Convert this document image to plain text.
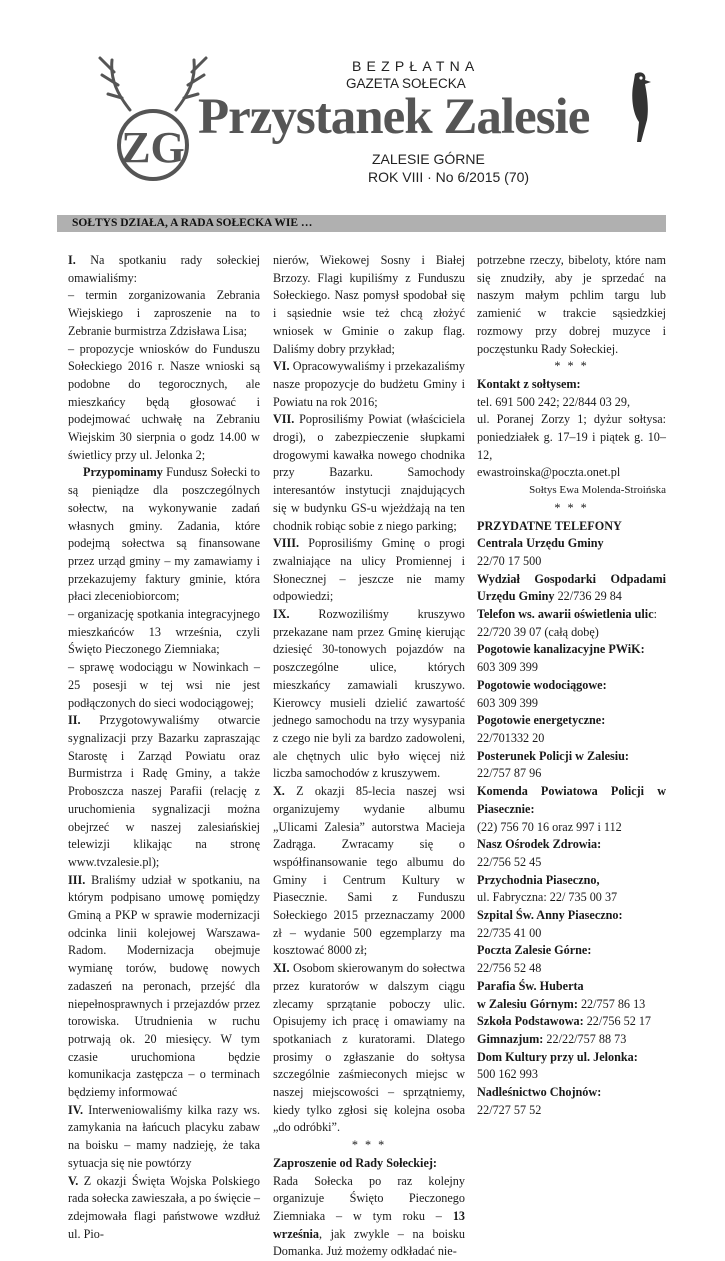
ZG
BEZPŁATNA
GAZETA SOŁECKA
Przystanek Zalesie
ZALESIE GÓRNE
ROK VIII · No 6/2015 (70)
SOŁTYS DZIAŁA, A RADA SOŁECKA WIE …

I. Na spotkaniu rady sołeckiej omawialiśmy:

– termin zorganizowania Zebrania Wiejskiego i zaproszenie na to Zebranie burmistrza Zdzisława Lisa;

– propozycje wniosków do Funduszu Sołeckiego 2016 r. Nasze wnioski są podobne do tegorocznych, ale mieszkańcy będą głosować i podejmować uchwałę na Zebraniu Wiejskim 30 sierpnia o godz 14.00 w świetlicy przy ul. Jelonka 2;

Przypominamy Fundusz Sołecki to są pieniądze dla poszczególnych sołectw, na wykonywanie zadań własnych gminy. Zadania, które podejmą sołectwa są finansowane przez urząd gminy – my zamawiamy i przekazujemy faktury gminie, która płaci zleceniobiorcom;

– organizację spotkania integracyjnego mieszkańców 13 września, czyli Święto Pieczonego Ziemniaka;

– sprawę wodociągu w Nowinkach – 25 posesji w tej wsi nie jest podłączonych do sieci wodociągowej;

II. Przygotowywaliśmy otwarcie sygnalizacji przy Bazarku zapraszając Starostę i Zarząd Powiatu oraz Burmistrza i Radę Gminy, a także Proboszcza naszej Parafii (relację z uruchomienia sygnalizacji można obejrzeć w naszej zalesiańskiej telewizji klikając na stronę www.tvzalesie.pl);

III. Braliśmy udział w spotkaniu, na którym podpisano umowę pomiędzy Gminą a PKP w sprawie modernizacji odcinka linii kolejowej Warszawa-Radom. Modernizacja obejmuje wymianę torów, budowę nowych zadaszeń na peronach, przejść dla niepełnosprawnych i przejazdów przez torowiska. Utrudnienia w ruchu potrwają ok. 20 miesięcy. W tym czasie uruchomiona będzie komunikacja zastępcza – o terminach będziemy informować

IV. Interweniowaliśmy kilka razy ws. zamykania na łańcuch placyku zabaw na boisku – mamy nadzieję, że taka sytuacja się nie powtórzy

V. Z okazji Święta Wojska Polskiego rada sołecka zawieszała, a po święcie – zdejmowała flagi państwowe wzdłuż ul. Pio-

nierów, Wiekowej Sosny i Białej Brzozy. Flagi kupiliśmy z Funduszu Sołeckiego. Nasz pomysł spodobał się i sąsiednie wsie też chcą złożyć wniosek w Gminie o zakup flag. Daliśmy dobry przykład;

VI. Opracowywaliśmy i przekazaliśmy nasze propozycje do budżetu Gminy i Powiatu na rok 2016;

VII. Poprosiliśmy Powiat (właściciela drogi), o zabezpieczenie słupkami drogowymi kawałka nowego chodnika przy Bazarku. Samochody interesantów instytucji znajdujących się w budynku GS-u wjeżdżają na ten chodnik robiąc sobie z niego parking;

VIII. Poprosiliśmy Gminę o progi zwalniające na ulicy Promiennej i Słonecznej – jeszcze nie mamy odpowiedzi;

IX. Rozwoziliśmy kruszywo przekazane nam przez Gminę kierując dziesięć 30-tonowych pojazdów na poszczególne ulice, których mieszkańcy zamawiali kruszywo. Kierowcy musieli dzielić zawartość jednego samochodu na trzy wysypania z czego nie byli za bardzo zadowoleni, ale chętnych ulic było więcej niż liczba samochodów z kruszywem.

X. Z okazji 85-lecia naszej wsi organizujemy wydanie albumu „Ulicami Zalesia” autorstwa Macieja Zadrąga. Zwracamy się o współfinansowanie tego albumu do Gminy i Centrum Kultury w Piasecznie. Sami z Funduszu Sołeckiego 2015 przeznaczamy 2000 zł – wydanie 500 egzemplarzy ma kosztować 8000 zł;

XI. Osobom skierowanym do sołectwa przez kuratorów w dalszym ciągu zlecamy sprzątanie poboczy ulic. Opisujemy ich pracę i omawiamy na spotkaniach z kuratorami. Dlatego prosimy o zgłaszanie do sołtysa szczególnie zaśmieconych miejsc w naszej miejscowości – sprzątniemy, kiedy tylko zgłosi się kolejna osoba „do odróbki”.

* * *

Zaproszenie od Rady Sołeckiej:

Rada Sołecka po raz kolejny organizuje Święto Pieczonego Ziemniaka – w tym roku – 13 września, jak zwykle – na boisku Domanka. Już możemy odkładać nie-

potrzebne rzeczy, bibeloty, które nam się znudziły, aby je sprzedać na naszym małym pchlim targu lub zamienić w trakcie sąsiedzkiej rozmowy przy dobrej muzyce i poczęstunku Rady Sołeckiej.

* * *

Kontakt z sołtysem:

tel. 691 500 242; 22/844 03 29,

ul. Poranej Zorzy 1; dyżur sołtysa: poniedziałek g. 17–19 i piątek g. 10–12,

ewastroinska@poczta.onet.pl

Sołtys Ewa Molenda-Stroińska

* * *

PRZYDATNE TELEFONY

Centrala Urzędu Gminy

22/70 17 500

Wydział Gospodarki Odpadami Urzędu Gminy 22/736 29 84

Telefon ws. awarii oświetlenia ulic:

22/720 39 07 (całą dobę)

Pogotowie kanalizacyjne PWiK:

603 309 399

Pogotowie wodociągowe:

603 309 399

Pogotowie energetyczne:

22/701332 20

Posterunek Policji w Zalesiu:

22/757 87 96

Komenda Powiatowa Policji w Piasecznie:

(22) 756 70 16 oraz 997 i 112

Nasz Ośrodek Zdrowia:

22/756 52 45

Przychodnia Piaseczno,

ul. Fabryczna: 22/ 735 00 37

Szpital Św. Anny Piaseczno:

22/735 41 00

Poczta Zalesie Górne:

22/756 52 48

Parafia Św. Huberta

w Zalesiu Górnym: 22/757 86 13

Szkoła Podstawowa: 22/756 52 17

Gimnazjum: 22/22/757 88 73

Dom Kultury przy ul. Jelonka:

500 162 993

Nadleśnictwo Chojnów:

22/727 57 52
